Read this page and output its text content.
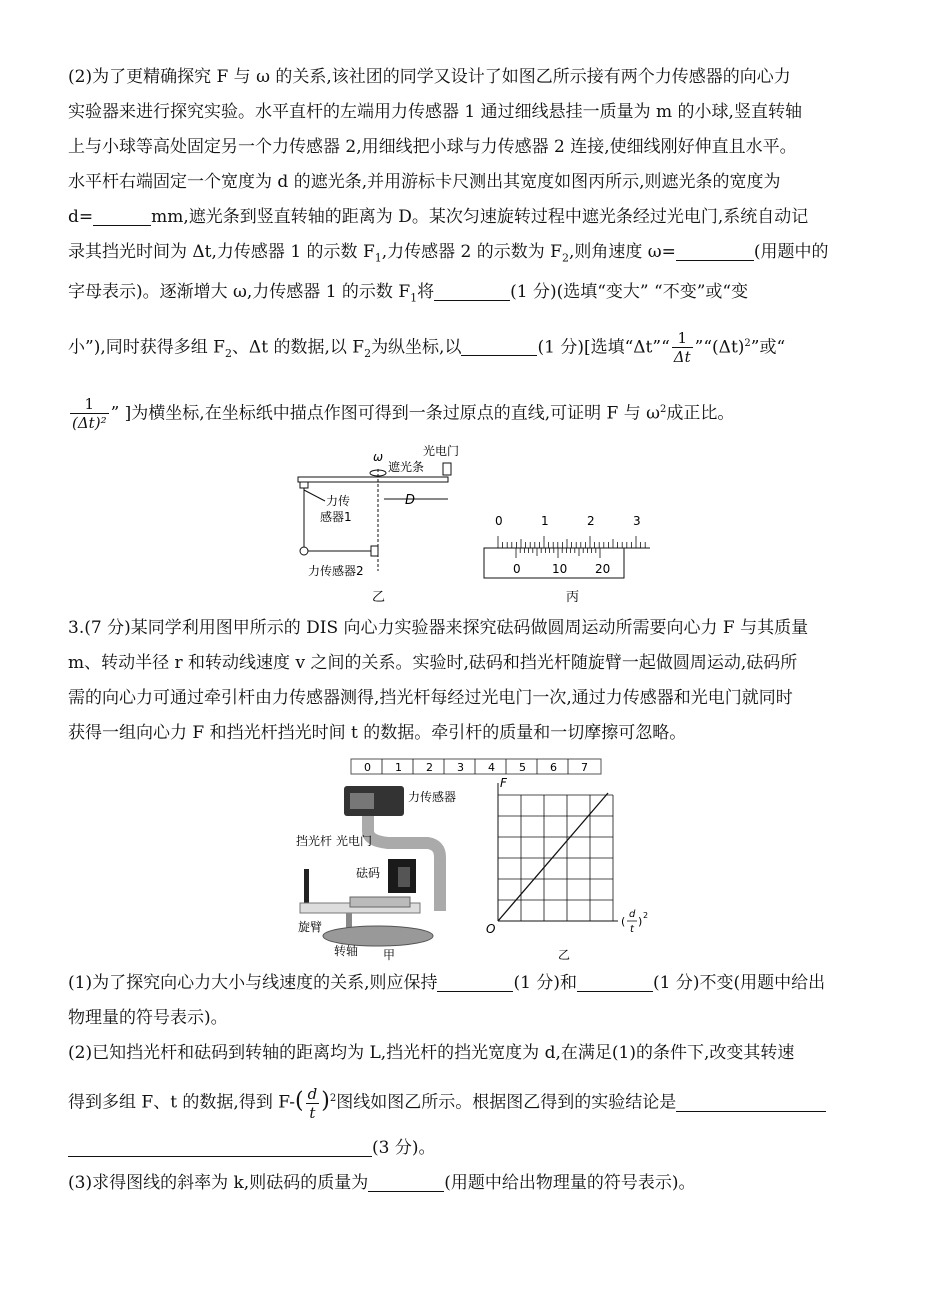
(2)为了更精确探究 F 与 ω 的关系,该社团的同学又设计了如图乙所示接有两个力传感器的向心力

实验器来进行探究实验。水平直杆的左端用力传感器 1 通过细线悬挂一质量为 m 的小球,竖直转轴

上与小球等高处固定另一个力传感器 2,用细线把小球与力传感器 2 连接,使细线刚好伸直且水平。

水平杆右端固定一个宽度为 d 的遮光条,并用游标卡尺测出其宽度如图丙所示,则遮光条的宽度为

d=	mm,遮光条到竖直转轴的距离为 D。某次匀速旋转过程中遮光条经过光电门,系统自动记

录其挡光时间为 Δt,力传感器 1 的示数 $F_1$,力传感器 2 的示数为 $F_2$,则角速度 ω=	(用题中的

字母表示)。逐渐增大 ω,力传感器 1 的示数 $F_1$将	(1 分)(选填“变大” “不变”或“变

小”),同时获得多组 $F_2$、Δt 的数据,以 $F_2$为纵坐标,以	(1 分)[选填“Δt”“ $\frac{1}{\Delta t}$ $”“(\Delta t)^2$”或“

$\frac{1}{\text{(Δt)²}}$ ” ]为横坐标,在坐标纸中描点作图可得到一条过原点的直线,可证明 F 与 $\omega^2$成正比。

ω	光电门
遮光条
力传
感器1
D
力传感器2
乙
0	1	2	3
0	10 20
丙

3.(7 分)某同学利用图甲所示的 DIS 向心力实验器来探究砝码做圆周运动所需要向心力 F 与其质量

m、转动半径 r 和转动线速度 v 之间的关系。实验时,砝码和挡光杆随旋臂一起做圆周运动,砝码所

需的向心力可通过牵引杆由力传感器测得,挡光杆每经过光电门一次,通过力传感器和光电门就同时

获得一组向心力 F 和挡光杆挡光时间 t 的数据。牵引杆的质量和一切摩擦可忽略。

0 1 2 3 4 5 6 7
力传感器
挡光杆 光电门
砝码
旋臂
转轴 甲
F
O
(
d
t
) 2
乙

(1)为了探究向心力大小与线速度的关系,则应保持	(1 分)和	(1 分)不变(用题中给出

物理量的符号表示)。

(2)已知挡光杆和砝码到转轴的距离均为 L,挡光杆的挡光宽度为 d,在满足(1)的条件下,改变其转速

得到多组 F、t 的数据,得到 $F-( \frac{d}{t} )^2$图线如图乙所示。根据图乙得到的实验结论是

(3 分)。

(3)求得图线的斜率为 k,则砝码的质量为	(用题中给出物理量的符号表示)。
